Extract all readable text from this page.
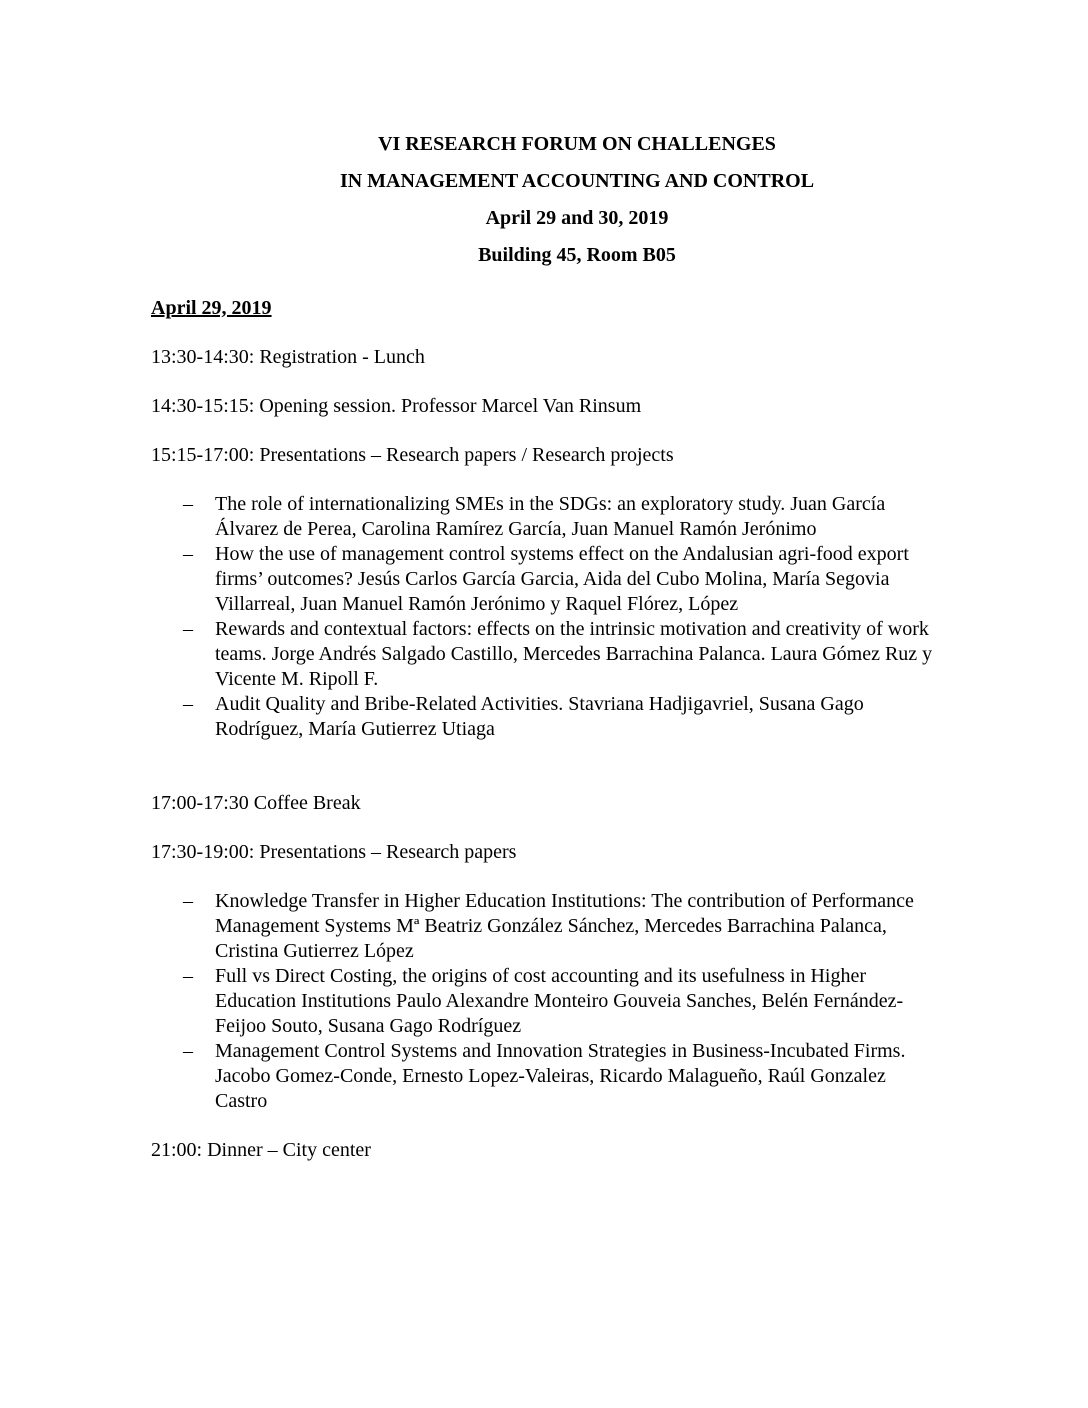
VI RESEARCH FORUM ON CHALLENGES
IN MANAGEMENT ACCOUNTING AND CONTROL
April 29 and 30, 2019
Building 45, Room B05
April 29, 2019
13:30-14:30: Registration - Lunch
14:30-15:15: Opening session. Professor Marcel Van Rinsum
15:15-17:00: Presentations – Research papers / Research projects
– The role of internationalizing SMEs in the SDGs: an exploratory study. Juan García Álvarez de Perea, Carolina Ramírez García, Juan Manuel Ramón Jerónimo
– How the use of management control systems effect on the Andalusian agri-food export firms’ outcomes? Jesús Carlos García Garcia, Aida del Cubo Molina, María Segovia Villarreal, Juan Manuel Ramón Jerónimo y Raquel Flórez, López
– Rewards and contextual factors: effects on the intrinsic motivation and creativity of work teams. Jorge Andrés Salgado Castillo, Mercedes Barrachina Palanca. Laura Gómez Ruz y Vicente M. Ripoll F.
– Audit Quality and Bribe-Related Activities. Stavriana Hadjigavriel, Susana Gago Rodríguez, María Gutierrez Utiaga
17:00-17:30 Coffee Break
17:30-19:00: Presentations – Research papers
– Knowledge Transfer in Higher Education Institutions: The contribution of Performance Management Systems Mª Beatriz González Sánchez, Mercedes Barrachina Palanca, Cristina Gutierrez López
– Full vs Direct Costing, the origins of cost accounting and its usefulness in Higher Education Institutions Paulo Alexandre Monteiro Gouveia Sanches, Belén Fernández-Feijoo Souto, Susana Gago Rodríguez
– Management Control Systems and Innovation Strategies in Business-Incubated Firms. Jacobo Gomez-Conde, Ernesto Lopez-Valeiras, Ricardo Malagueño, Raúl Gonzalez Castro
21:00: Dinner – City center
